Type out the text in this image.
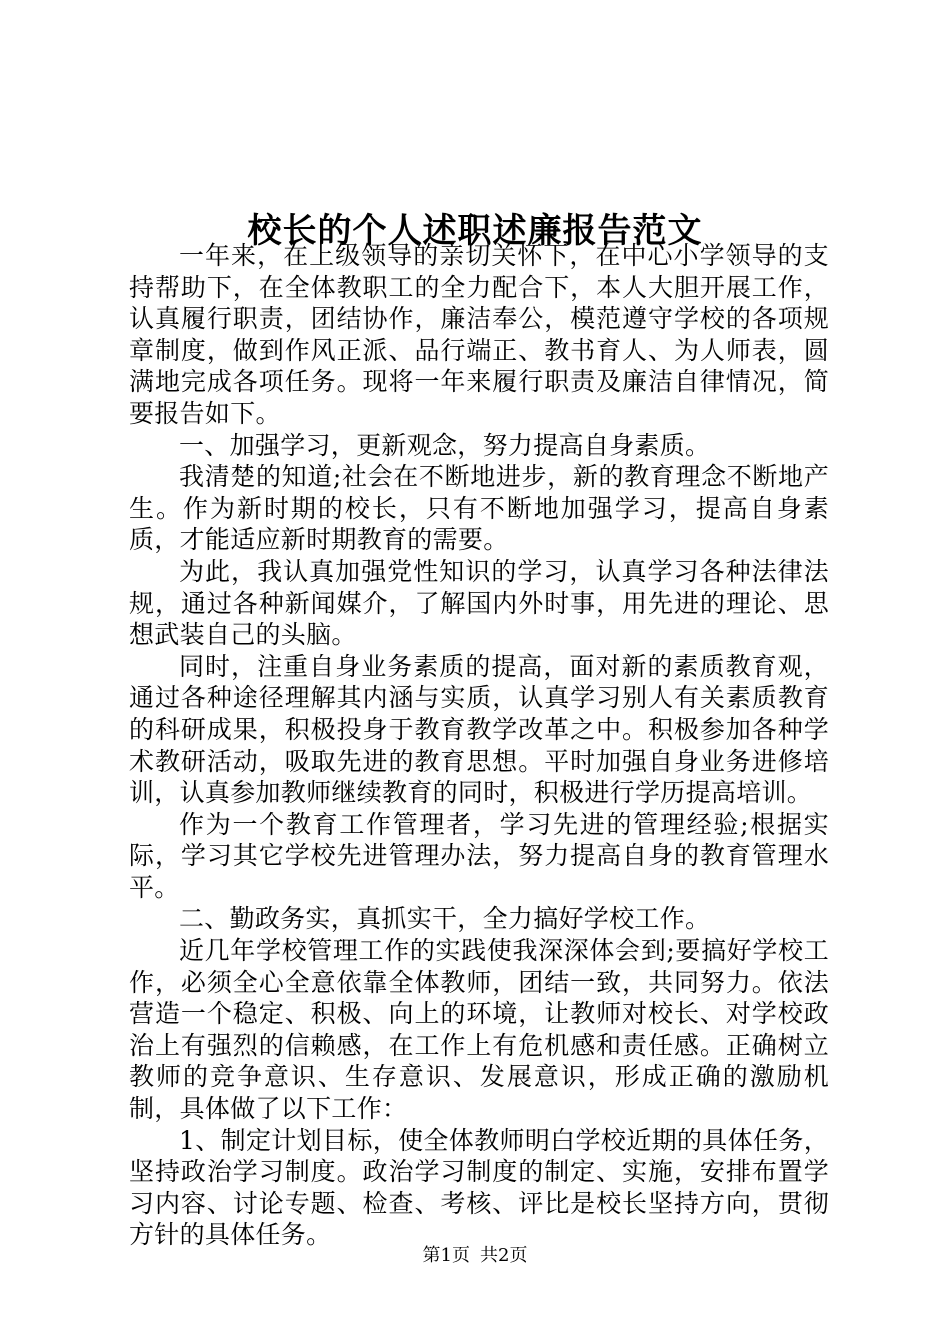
校长的个人述职述廉报告范文

一年来，在上级领导的亲切关怀下，在中心小学领导的支持帮助下，在全体教职工的全力配合下，本人大胆开展工作，认真履行职责，团结协作，廉洁奉公，模范遵守学校的各项规章制度，做到作风正派、品行端正、教书育人、为人师表，圆满地完成各项任务。现将一年来履行职责及廉洁自律情况，简要报告如下。

一、加强学习，更新观念，努力提高自身素质。

我清楚的知道;社会在不断地进步，新的教育理念不断地产生。作为新时期的校长，只有不断地加强学习，提高自身素质，才能适应新时期教育的需要。

为此，我认真加强党性知识的学习，认真学习各种法律法规，通过各种新闻媒介，了解国内外时事，用先进的理论、思想武装自己的头脑。

同时，注重自身业务素质的提高，面对新的素质教育观，通过各种途径理解其内涵与实质，认真学习别人有关素质教育的科研成果，积极投身于教育教学改革之中。积极参加各种学术教研活动，吸取先进的教育思想。平时加强自身业务进修培训，认真参加教师继续教育的同时，积极进行学历提高培训。

作为一个教育工作管理者，学习先进的管理经验;根据实际，学习其它学校先进管理办法，努力提高自身的教育管理水平。

二、勤政务实，真抓实干，全力搞好学校工作。

近几年学校管理工作的实践使我深深体会到;要搞好学校工作，必须全心全意依靠全体教师，团结一致，共同努力。依法营造一个稳定、积极、向上的环境，让教师对校长、对学校政治上有强烈的信赖感，在工作上有危机感和责任感。正确树立教师的竞争意识、生存意识、发展意识，形成正确的激励机制，具体做了以下工作：

1、制定计划目标，使全体教师明白学校近期的具体任务，坚持政治学习制度。政治学习制度的制定、实施，安排布置学习内容、讨论专题、检查、考核、评比是校长坚持方向，贯彻方针的具体任务。

第1页 共2页
